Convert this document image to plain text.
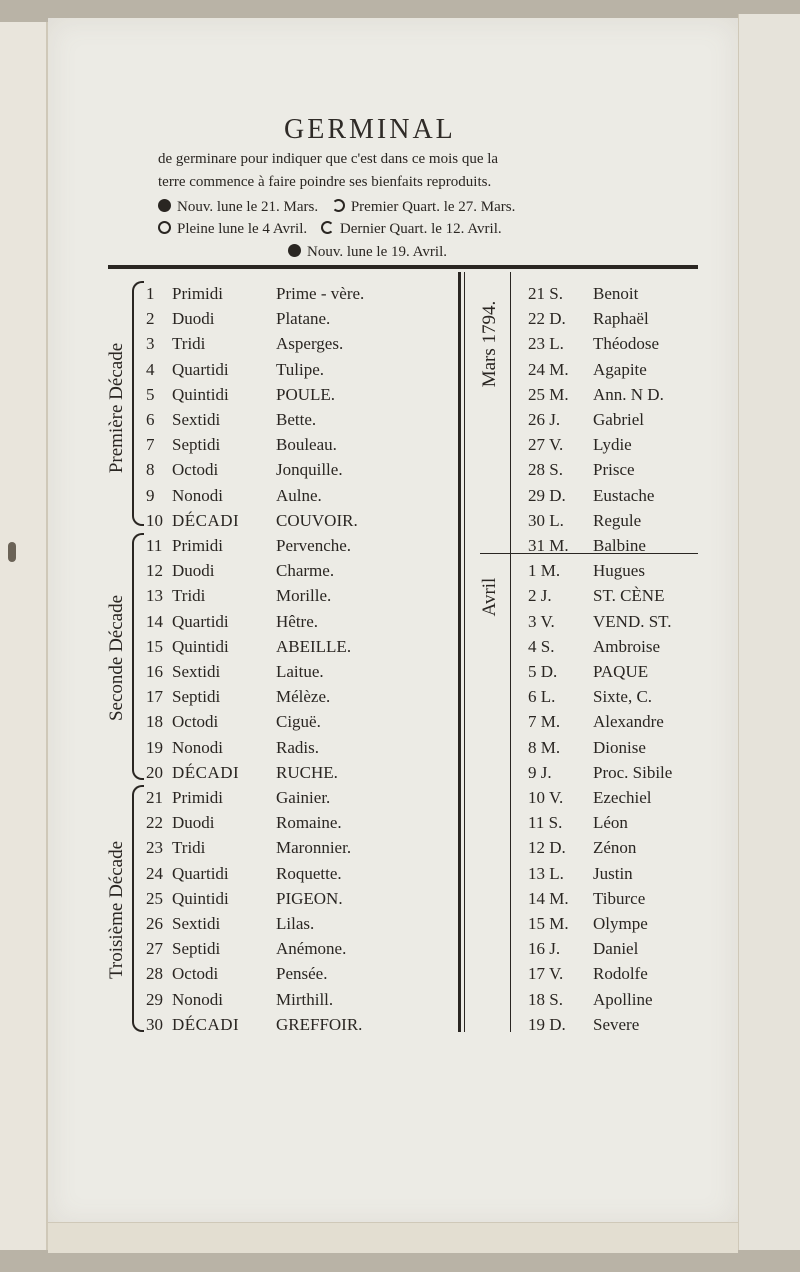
GERMINAL
de germinare pour indiquer que c'est dans ce mois que la
terre commence à faire poindre ses bienfaits reproduits.
Nouv. lune le 21. Mars. Premier Quart. le 27. Mars.
Pleine lune le 4 Avril. Dernier Quart. le 12. Avril.
Nouv. lune le 19. Avril.
Mars 1794.
Avril
Première Décade
Seconde Décade
Troisième Décade
1	Primidi	Prime - vère.	21 S. Benoit
2	Duodi	Platane.	22 D. Raphaël
3	Tridi	Asperges.	23 L. Théodose
4	Quartidi	Tulipe.	24 M. Agapite
5	Quintidi	POULE.	25 M. Ann. N D.
6	Sextidi	Bette.	26 J. Gabriel
7	Septidi	Bouleau.	27 V. Lydie
8	Octodi	Jonquille.	28 S. Prisce
9	Nonodi	Aulne.	29 D. Eustache
10 DÉCADI COUVOIR.	30 L. Regule
11 Primidi	Pervenche.	31 M. Balbine
12 Duodi	Charme.	1 M. Hugues
13 Tridi	Morille.	2 J. ST. CÈNE
14 Quartidi	Hêtre.	3 V. VEND. ST.
15 Quintidi	ABEILLE.	4 S. Ambroise
16 Sextidi	Laitue.	5 D. PAQUE
17 Septidi	Mélèze.	6 L. Sixte, C.
18 Octodi	Ciguë.	7 M. Alexandre
19 Nonodi	Radis.	8 M. Dionise
20 DÉCADI RUCHE.	9 J. Proc. Sibile
21 Primidi	Gainier.	10 V. Ezechiel
22 Duodi	Romaine.	11 S. Léon
23 Tridi	Maronnier.	12 D. Zénon
24 Quartidi	Roquette.	13 L. Justin
25 Quintidi	PIGEON.	14 M. Tiburce
26 Sextidi	Lilas.	15 M. Olympe
27 Septidi	Anémone.	16 J. Daniel
28 Octodi	Pensée.	17 V. Rodolfe
29 Nonodi	Mirthill.	18 S. Apolline
30 DÉCADI GREFFOIR.	19 D. Severe
